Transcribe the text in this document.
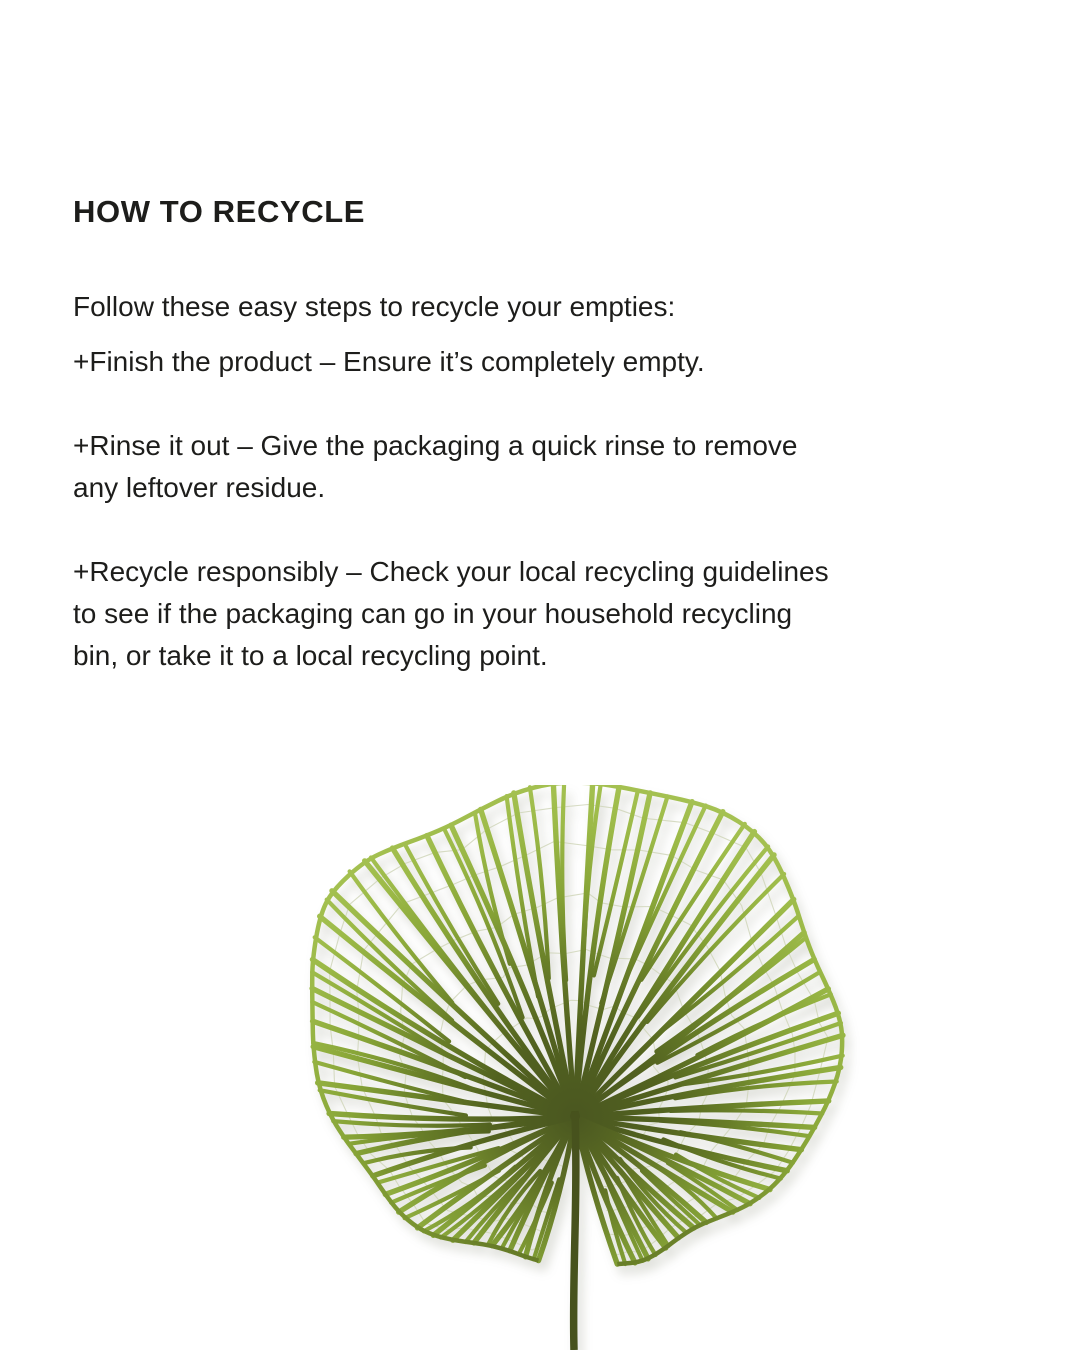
HOW TO RECYCLE

Follow these easy steps to recycle your empties:

+Finish the product – Ensure it’s completely empty.
+Rinse it out – Give the packaging a quick rinse to remove
any leftover residue.
+Recycle responsibly – Check your local recycling guidelines
to see if the packaging can go in your household recycling
bin, or take it to a local recycling point.
